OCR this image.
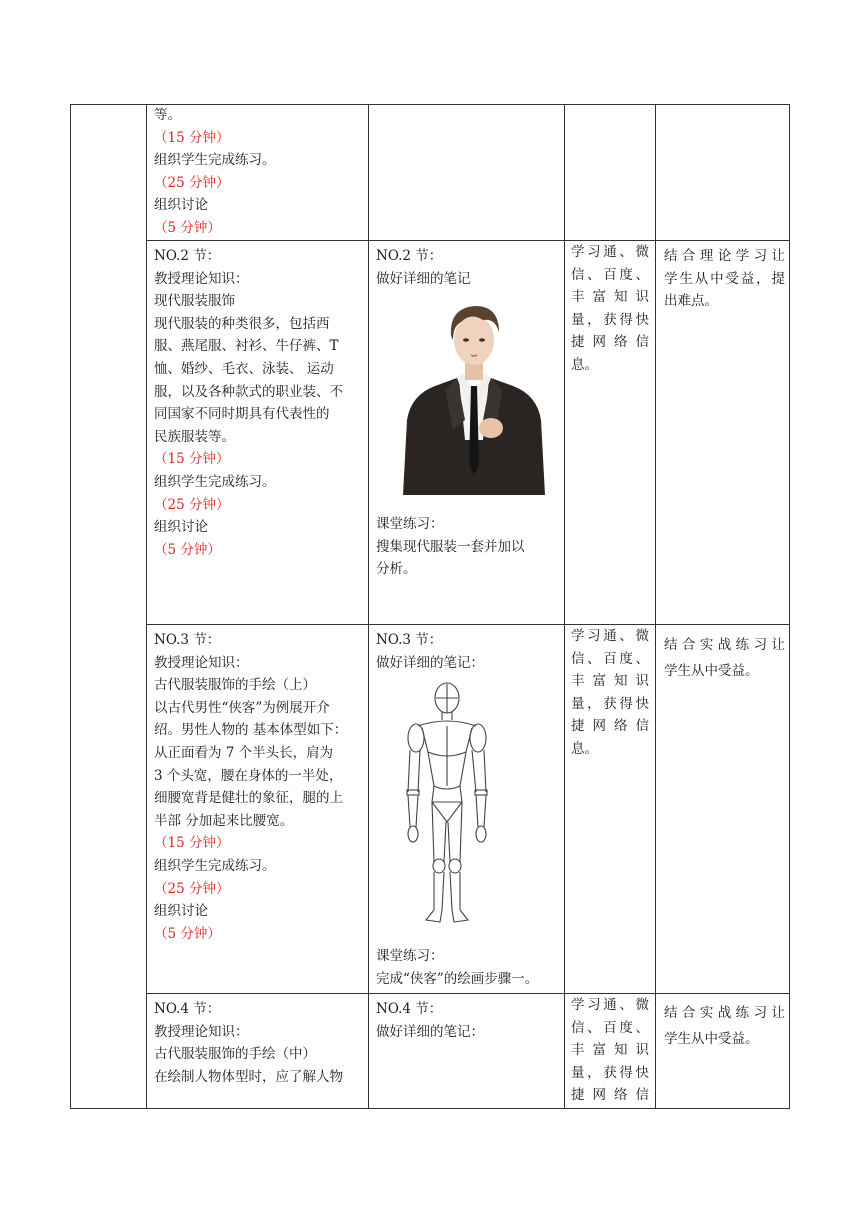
等。
（15 分钟）
组织学生完成练习。
（25 分钟）
组织讨论
（5 分钟）
NO.2 节：
教授理论知识：
现代服装服饰
现代服装的种类很多，包括西
服、燕尾服、衬衫、牛仔裤、T
恤、婚纱、毛衣、泳装、 运动
服，以及各种款式的职业装、不
同国家不同时期具有代表性的
民族服装等。
（15 分钟）
组织学生完成练习。
（25 分钟）
组织讨论
（5 分钟）
NO.2 节：
做好详细的笔记
课堂练习：
搜集现代服装一套并加以
分析。
学习通、微
信、百度、
丰富知识
量，获得快
捷网络信
息。
结合理论学习让
学生从中受益，提
出难点。
NO.3 节：
教授理论知识：
古代服装服饰的手绘（上）
以古代男性“侠客”为例展开介
绍。男性人物的 基本体型如下：
从正面看为 7 个半头长，肩为
3 个头宽，腰在身体的一半处，
细腰宽背是健壮的象征，腿的上
半部 分加起来比腰宽。
（15 分钟）
组织学生完成练习。
（25 分钟）
组织讨论
（5 分钟）
NO.3 节：
做好详细的笔记：
课堂练习：
完成“侠客”的绘画步骤一。
学习通、微
信、百度、
丰富知识
量，获得快
捷网络信
息。
结合实战练习让
学生从中受益。
NO.4 节：
教授理论知识：
古代服装服饰的手绘（中）
在绘制人物体型时，应了解人物
NO.4 节：
做好详细的笔记：
学习通、微
信、百度、
丰富知识
量，获得快
捷网络信
结合实战练习让
学生从中受益。
